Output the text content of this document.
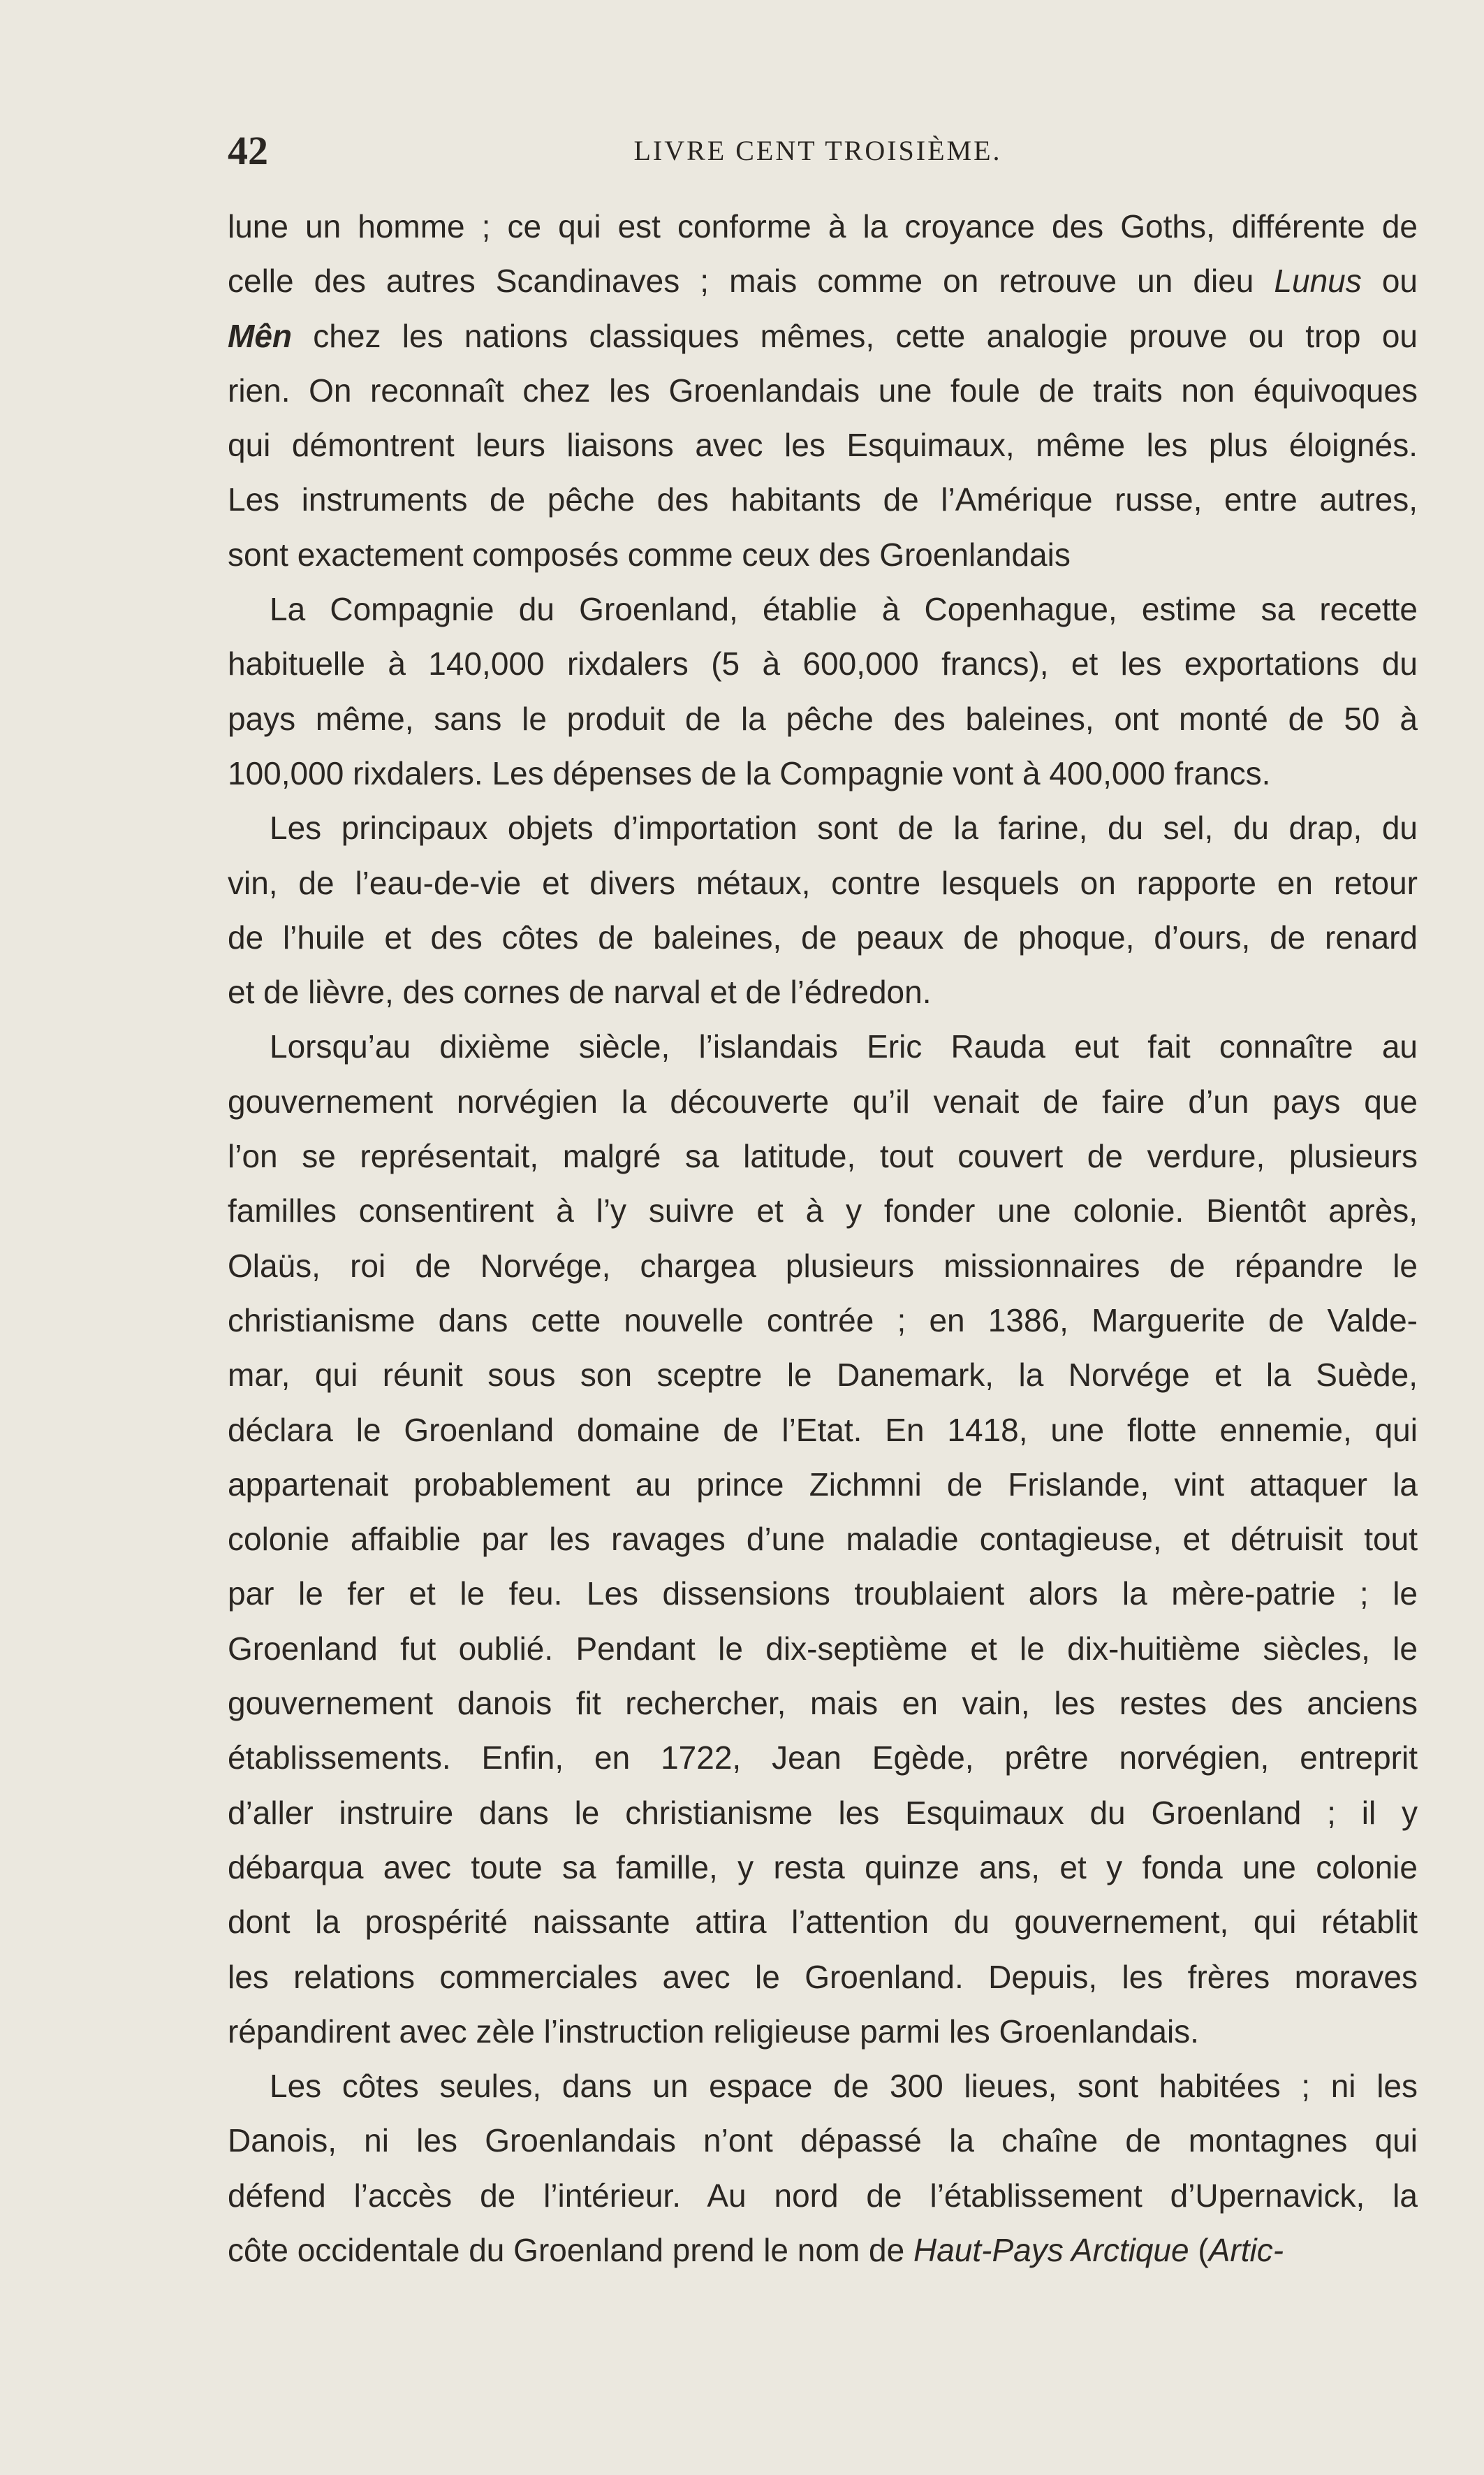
42	LIVRE CENT TROISIÈME.
lune un homme ; ce qui est conforme à la croyance des Goths, différente de
celle des autres Scandinaves ; mais comme on retrouve un dieu Lunus ou
Mên chez les nations classiques mêmes, cette analogie prouve ou trop ou
rien. On reconnaît chez les Groenlandais une foule de traits non équivoques
qui démontrent leurs liaisons avec les Esquimaux, même les plus éloignés.
Les instruments de pêche des habitants de l’Amérique russe, entre autres,
sont exactement composés comme ceux des Groenlandais
La Compagnie du Groenland, établie à Copenhague, estime sa recette
habituelle à 140,000 rixdalers (5 à 600,000 francs), et les exportations du
pays même, sans le produit de la pêche des baleines, ont monté de 50 à
100,000 rixdalers. Les dépenses de la Compagnie vont à 400,000 francs.
Les principaux objets d’importation sont de la farine, du sel, du drap, du
vin, de l’eau-de-vie et divers métaux, contre lesquels on rapporte en retour
de l’huile et des côtes de baleines, de peaux de phoque, d’ours, de renard
et de lièvre, des cornes de narval et de l’édredon.
Lorsqu’au dixième siècle, l’islandais Eric Rauda eut fait connaître au
gouvernement norvégien la découverte qu’il venait de faire d’un pays que
l’on se représentait, malgré sa latitude, tout couvert de verdure, plusieurs
familles consentirent à l’y suivre et à y fonder une colonie. Bientôt après,
Olaüs, roi de Norvége, chargea plusieurs missionnaires de répandre le
christianisme dans cette nouvelle contrée ; en 1386, Marguerite de Valde-
mar, qui réunit sous son sceptre le Danemark, la Norvége et la Suède,
déclara le Groenland domaine de l’Etat. En 1418, une flotte ennemie, qui
appartenait probablement au prince Zichmni de Frislande, vint attaquer la
colonie affaiblie par les ravages d’une maladie contagieuse, et détruisit tout
par le fer et le feu. Les dissensions troublaient alors la mère-patrie ; le
Groenland fut oublié. Pendant le dix-septième et le dix-huitième siècles, le
gouvernement danois fit rechercher, mais en vain, les restes des anciens
établissements. Enfin, en 1722, Jean Egède, prêtre norvégien, entreprit
d’aller instruire dans le christianisme les Esquimaux du Groenland ; il y
débarqua avec toute sa famille, y resta quinze ans, et y fonda une colonie
dont la prospérité naissante attira l’attention du gouvernement, qui rétablit
les relations commerciales avec le Groenland. Depuis, les frères moraves
répandirent avec zèle l’instruction religieuse parmi les Groenlandais.
Les côtes seules, dans un espace de 300 lieues, sont habitées ; ni les
Danois, ni les Groenlandais n’ont dépassé la chaîne de montagnes qui
défend l’accès de l’intérieur. Au nord de l’établissement d’Upernavick, la
côte occidentale du Groenland prend le nom de Haut-Pays Arctique (Artic-
